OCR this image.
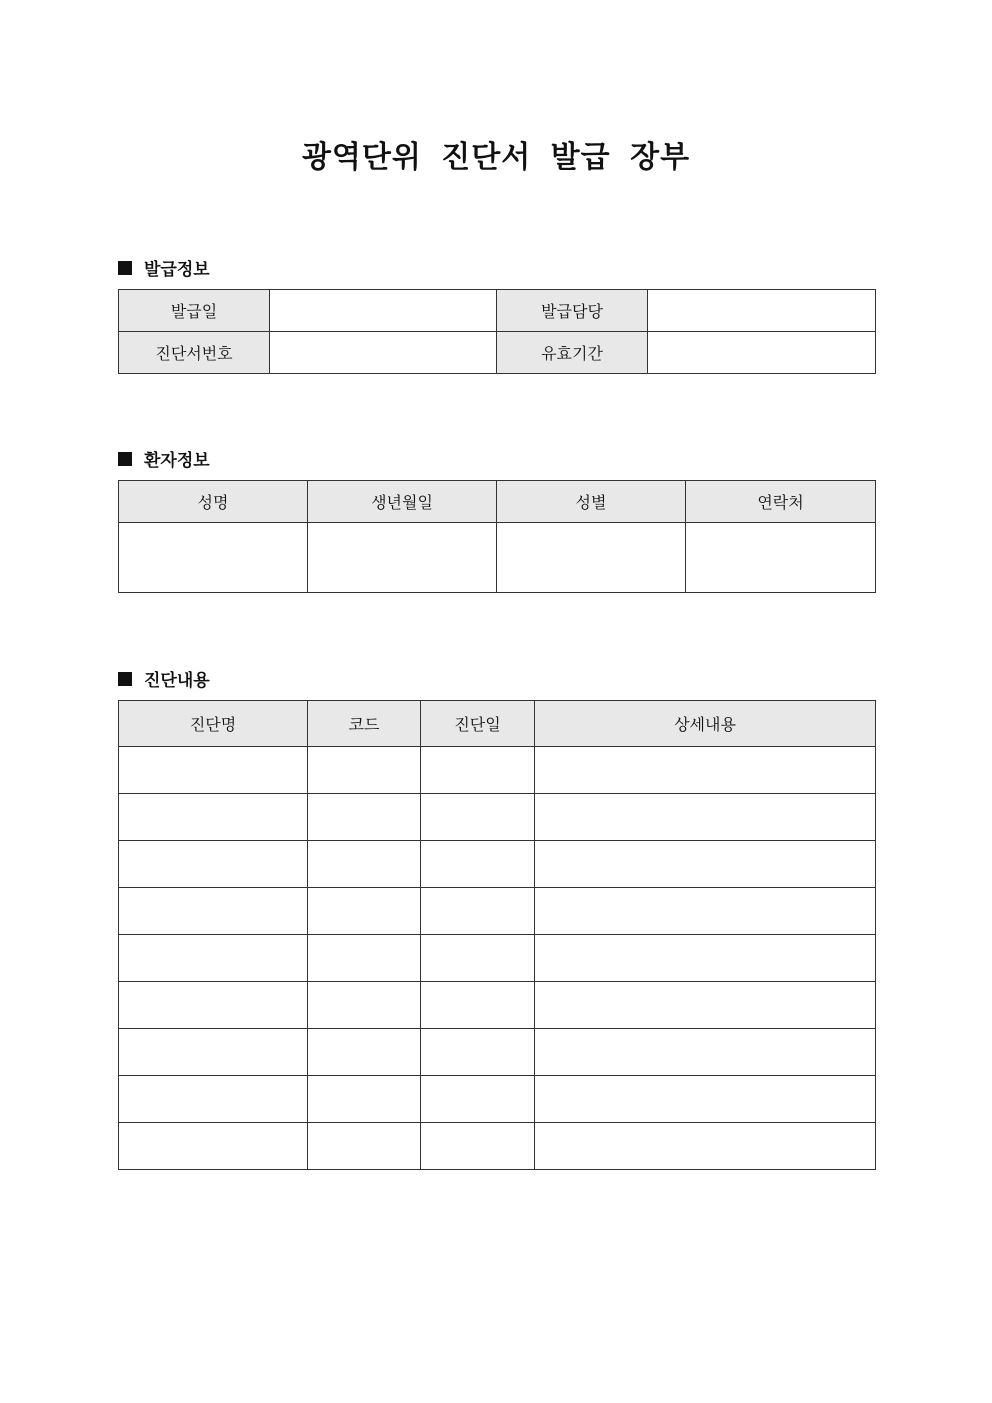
광역단위 진단서 발급 장부
발급정보
발급일		발급담당	
진단서번호		유효기간	
환자정보
성명	생년월일	성별	연락처

진단내용
진단명	코드	진단일	상세내용
